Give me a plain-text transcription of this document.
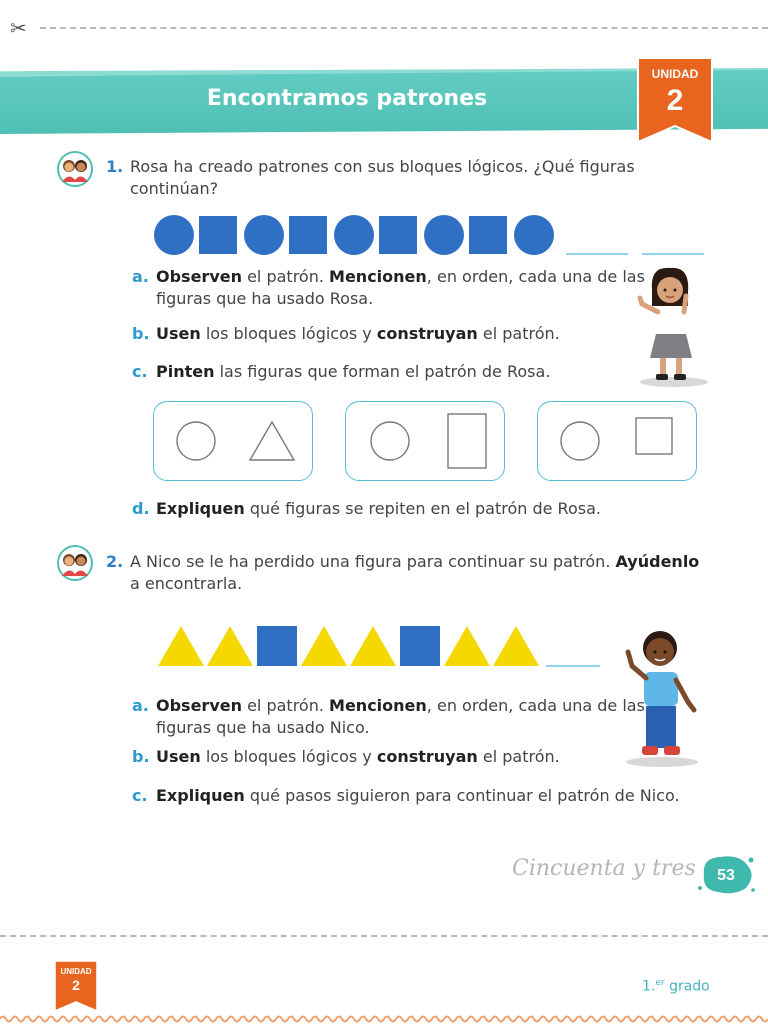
✂
Encontramos patrones
UNIDAD
2
1. Rosa ha creado patrones con sus bloques lógicos. ¿Qué figuras
continúan?
a. Observen el patrón. Mencionen, en orden, cada una de las
figuras que ha usado Rosa.
b. Usen los bloques lógicos y construyan el patrón.
c. Pinten las figuras que forman el patrón de Rosa.
d. Expliquen qué figuras se repiten en el patrón de Rosa.
2. A Nico se le ha perdido una figura para continuar su patrón. Ayúdenlo
a encontrarla.
a. Observen el patrón. Mencionen, en orden, cada una de las
figuras que ha usado Nico.
b. Usen los bloques lógicos y construyan el patrón.
c. Expliquen qué pasos siguieron para continuar el patrón de Nico.
Cincuenta y tres 53
UNIDAD
2	1.$^{er}$ grado
